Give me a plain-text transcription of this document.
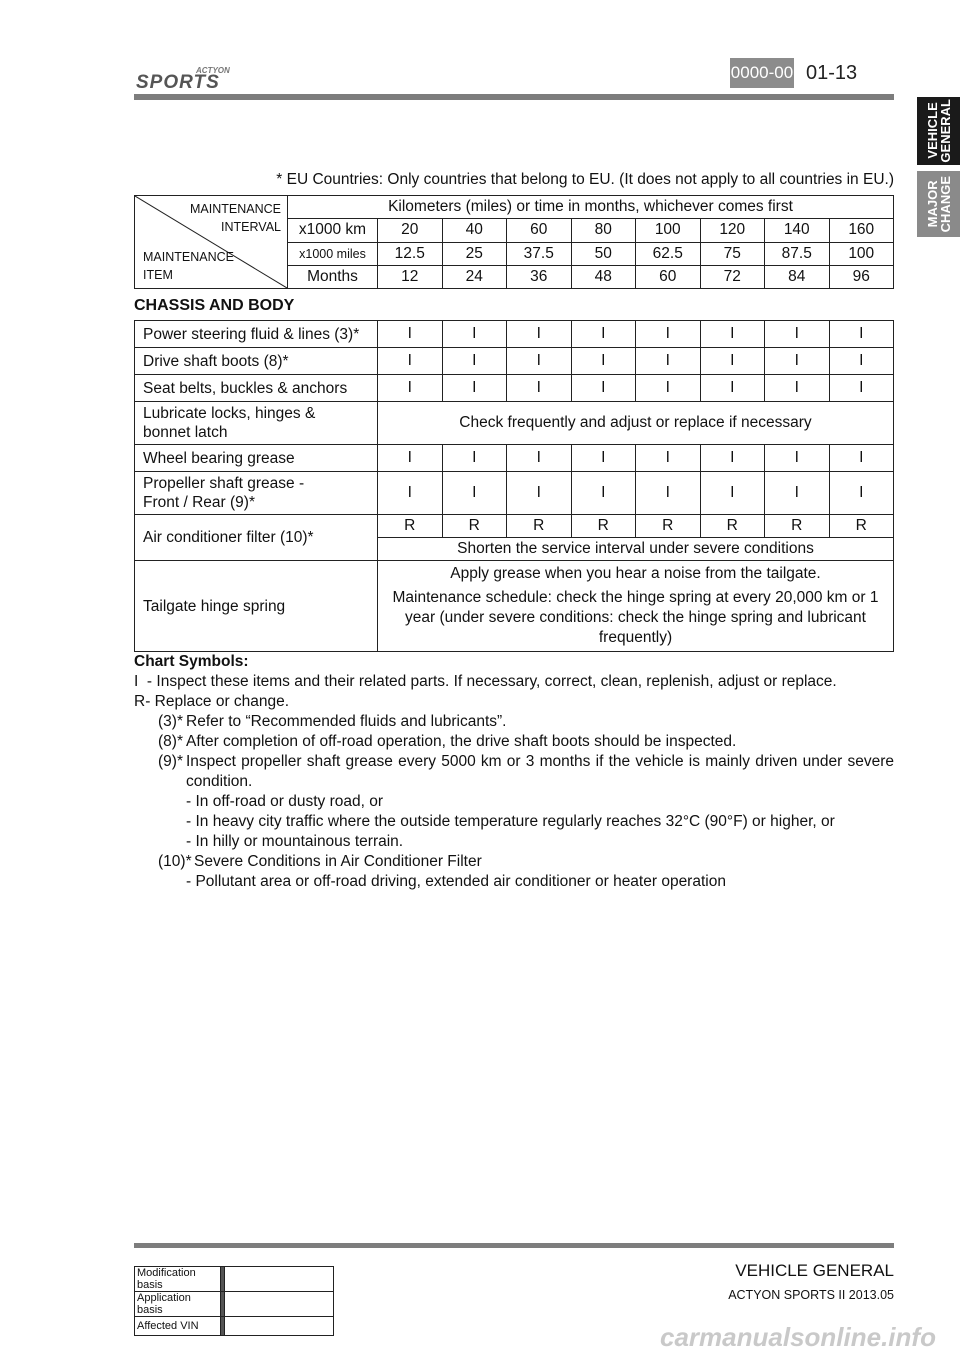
ACTYON
SPORTS	0000-00 01-13
VEHICLE
GENERAL
MAJOR
CHANGE
* EU Countries: Only countries that belong to EU. (It does not apply to all countries in EU.)
MAINTENANCE
INTERVAL
MAINTENANCE
ITEM	Kilometers (miles) or time in months, whichever comes first								
	x1000 km	20	40	60	80	100	120	140	160
	x1000 miles	12.5	25	37.5	50	62.5	75	87.5	100
	Months	12	24	36	48	60	72	84	96
CHASSIS AND BODY
Power steering fluid & lines (3)*	I	I	I	I	I	I	I	I
Drive shaft boots (8)*	I	I	I	I	I	I	I	I
Seat belts, buckles & anchors	I	I	I	I	I	I	I	I
Lubricate locks, hinges &
bonnet latch	Check frequently and adjust or replace if necessary							
Wheel bearing grease	I	I	I	I	I	I	I	I
Propeller shaft grease -
Front / Rear (9)*	I	I	I	I	I	I	I	I
Air conditioner filter (10)*	R	R	R	R	R	R	R	R
	Shorten the service interval under severe conditions							
Tailgate hinge spring	Apply grease when you hear a noise from the tailgate.
Maintenance schedule: check the hinge spring at every 20,000 km or 1 year (under severe conditions: check the hinge spring and lubricant frequently)							
Chart Symbols:
I  - Inspect these items and their related parts. If necessary, correct, clean, replenish, adjust or replace.
R- Replace or change.
(3)* Refer to “Recommended fluids and lubricants”.
(8)* After completion of off-road operation, the drive shaft boots should be inspected.
(9)* Inspect propeller shaft grease every 5000 km or 3 months if the vehicle is mainly driven under severe condition.
- In off-road or dusty road, or
- In heavy city traffic where the outside temperature regularly reaches 32°C (90°F) or higher, or
- In hilly or mountainous terrain.
(10)* Severe Conditions in Air Conditioner Filter
- Pollutant area or off-road driving, extended air conditioner or heater operation
VEHICLE GENERAL
ACTYON SPORTS II 2013.05
Modification basis		
Application basis		
Affected VIN			carmanualsonline.info
